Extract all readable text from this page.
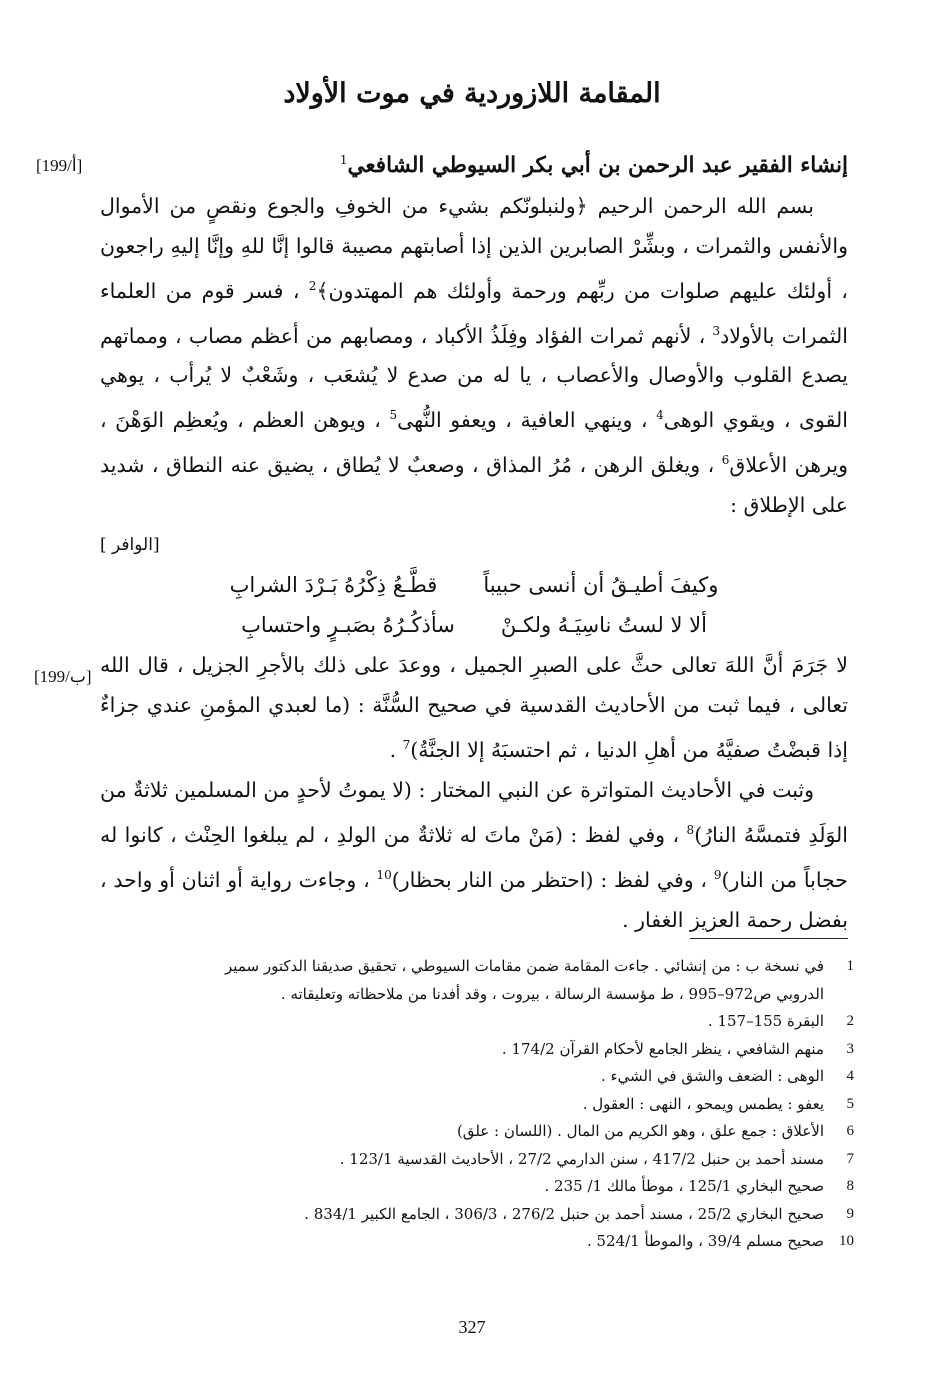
المقامة اللازوردية في موت الأولاد
[199/أ]
[199/ب]

إنشاء الفقير عبد الرحمن بن أبي بكر السيوطي الشافعي$^1$

بسم الله الرحمن الرحيم ﴿ولنبلونّكم بشيء من الخوفِ والجوع ونقصٍ من الأموال والأنفس والثمرات ، وبشِّرْ الصابرين الذين إذا أصابتهم مصيبة قالوا إنَّا للهِ وإنَّا إليهِ راجعون ، أولئك عليهم صلوات من ربِّهم ورحمة وأولئك هم المهتدون﴾$^2$ ، فسر قوم من العلماء الثمرات بالأولاد$^3$ ، لأنهم ثمرات الفؤاد وفِلَذُ الأكباد ، ومصابهم من أعظم مصاب ، ومماتهم يصدع القلوب والأوصال والأعصاب ، يا له من صدع لا يُشعَب ، وشَعْبٌ لا يُرأب ، يوهي القوى ، ويقوي الوهى$^4$ ، وينهي العافية ، ويعفو النُّهى$^5$ ، ويوهن العظم ، ويُعظِم الوَهْنَ ، ويرهن الأعلاق$^6$ ، ويغلق الرهن ، مُرُ المذاق ، وصعبٌ لا يُطاق ، يضيق عنه النطاق ، شديد على الإطلاق :

[ الوافر]
وكيفَ أطيـقُ أن أنسى حبيباً
قطَّـعُ ذِكْرُهُ بَـرْدَ الشرابِ
ألا لا لستُ ناسِيَـهُ ولكـنْ
سأذكُـرُهُ بصَبـرٍ واحتسابِ

لا جَرَمَ أنَّ اللهَ تعالى حثَّ على الصبرِ الجميل ، ووعدَ على ذلك بالأجرِ الجزيل ، قال الله تعالى ، فيما ثبت من الأحاديث القدسية في صحيح السُّنَّة : (ما لعبدي المؤمنِ عندي جزاءٌ إذا قبضْتُ صفيَّهُ من أهلِ الدنيا ، ثم احتسبَهُ إلا الجنَّةُ)$^7$ .

وثبت في الأحاديث المتواترة عن النبي المختار : (لا يموتُ لأحدٍ من المسلمين ثلاثةٌ من الوَلَدِ فتمسَّهُ النارُ)$^8$ ، وفي لفظ : (مَنْ ماتَ له ثلاثةٌ من الولدِ ، لم يبلغوا الحِنْث ، كانوا له حجاباً من النار)$^9$ ، وفي لفظ : (احتظر من النار بحظار)$^{10}$ ، وجاءت رواية أو اثنان أو واحد ، بفضل رحمة العزيز الغفار .

1
في نسخة ب : من إنشائي . جاءت المقامة ضمن مقامات السيوطي ، تحقيق صديقنا الدكتور سمير الدروبي ص972–995 ، ط مؤسسة الرسالة ، بيروت ، وقد أفدنا من ملاحظاته وتعليقاته .
2
البقرة 155–157 .
3
منهم الشافعي ، ينظر الجامع لأحكام القرآن 174/2 .
4
الوهى : الضعف والشق في الشيء .
5
يعفو : يطمس ويمحو ، النهى : العقول .
6
الأعلاق : جمع علق ، وهو الكريم من المال . (اللسان : علق)
7
مسند أحمد بن حنبل 417/2 ، سنن الدارمي 27/2 ، الأحاديث القدسية 123/1 .
8
صحيح البخاري 125/1 ، موطأ مالك 1/ 235 .
9
صحيح البخاري 25/2 ، مسند أحمد بن حنبل 276/2 ، 306/3 ، الجامع الكبير 834/1 .
10
صحيح مسلم 39/4 ، والموطأ 524/1 .
327
